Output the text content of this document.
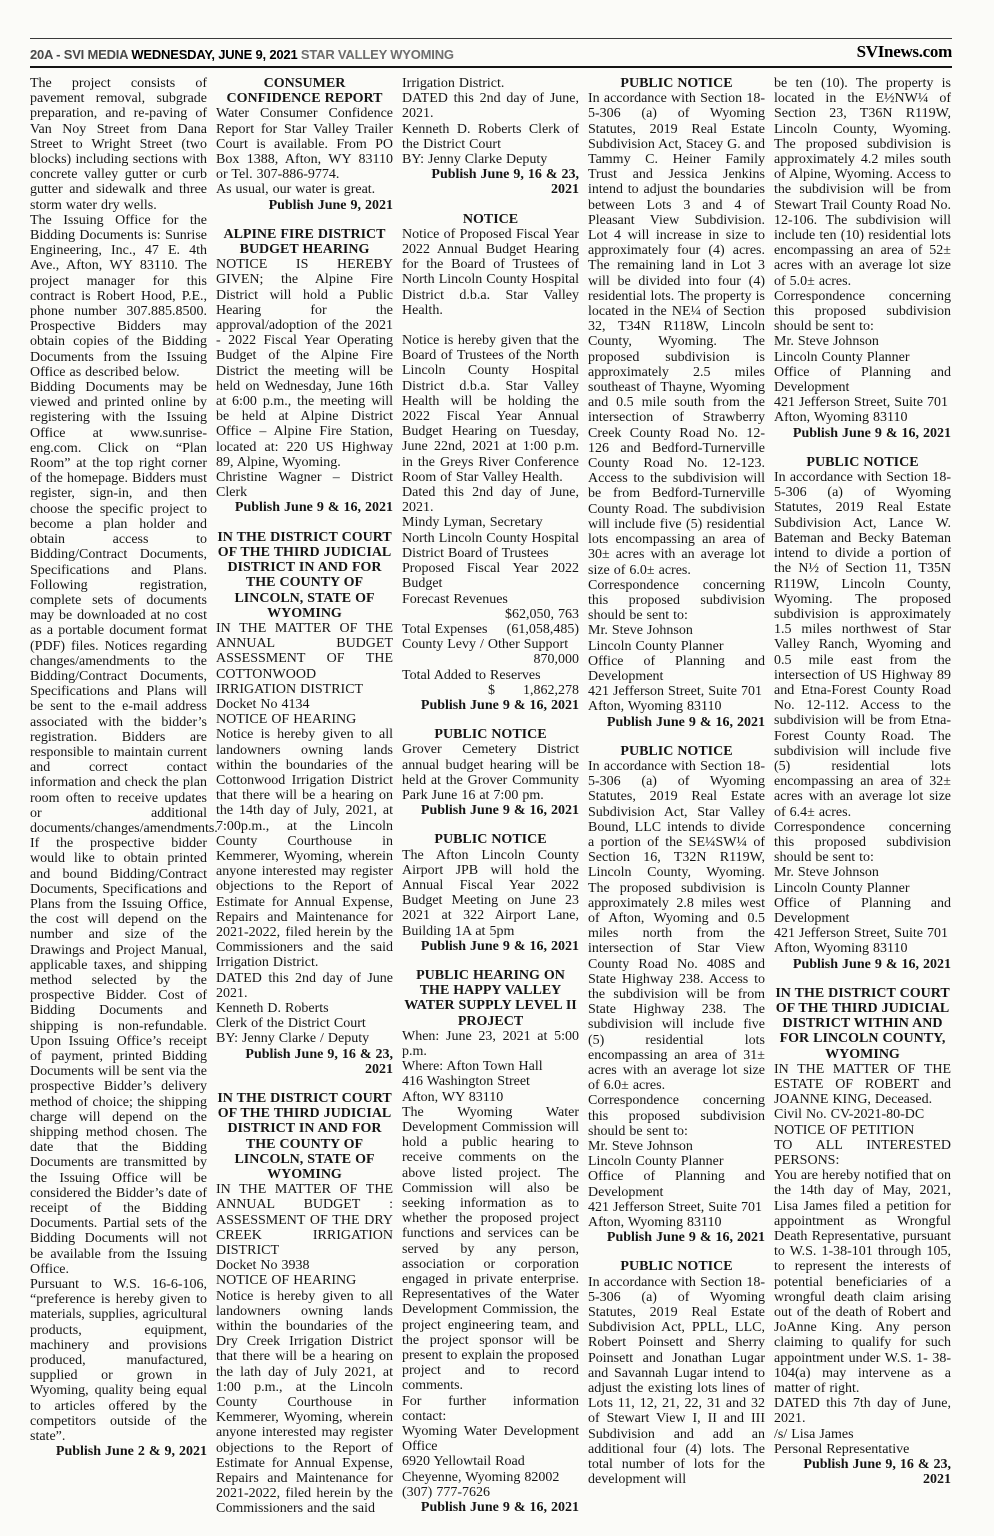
20A - SVI MEDIA WEDNESDAY, JUNE 9, 2021 STAR VALLEY WYOMING	SVInews.com
The project consists of pavement removal, subgrade preparation, and re-paving of Van Noy Street from Dana Street to Wright Street (two blocks) including sections with concrete valley gutter or curb gutter and sidewalk and three storm water dry wells.
The Issuing Office for the Bidding Documents is: Sunrise Engineering, Inc., 47 E. 4th Ave., Afton, WY 83110. The project manager for this contract is Robert Hood, P.E., phone number 307.885.8500. Prospective Bidders may obtain copies of the Bidding Documents from the Issuing Office as described below.
Bidding Documents may be viewed and printed online by registering with the Issuing Office at www.sunrise-eng.com. Click on “Plan Room” at the top right corner of the homepage. Bidders must register, sign-in, and then choose the specific project to become a plan holder and obtain access to Bidding/Contract Documents, Specifications and Plans. Following registration, complete sets of documents may be downloaded at no cost as a portable document format (PDF) files. Notices regarding changes/amendments to the Bidding/Contract Documents, Specifications and Plans will be sent to the e-mail address associated with the bidder’s registration. Bidders are responsible to maintain current and correct contact information and check the plan room often to receive updates or additional documents/changes/amendments. If the prospective bidder would like to obtain printed and bound Bidding/Contract Documents, Specifications and Plans from the Issuing Office, the cost will depend on the number and size of the Drawings and Project Manual, applicable taxes, and shipping method selected by the prospective Bidder. Cost of Bidding Documents and shipping is non-refundable. Upon Issuing Office’s receipt of payment, printed Bidding Documents will be sent via the prospective Bidder’s delivery method of choice; the shipping charge will depend on the shipping method chosen. The date that the Bidding Documents are transmitted by the Issuing Office will be considered the Bidder’s date of receipt of the Bidding Documents. Partial sets of the Bidding Documents will not be available from the Issuing Office.
Pursuant to W.S. 16-6-106, “preference is hereby given to materials, supplies, agricultural products, equipment, machinery and provisions produced, manufactured, supplied or grown in Wyoming, quality being equal to articles offered by the competitors outside of the state”.
Publish June 2 & 9, 2021
CONSUMER CONFIDENCE REPORT
Water Consumer Confidence Report for Star Valley Trailer Court is available. From PO Box 1388, Afton, WY 83110 or Tel. 307-886-9774.
As usual, our water is great.
Publish June 9, 2021
ALPINE FIRE DISTRICT BUDGET HEARING
NOTICE IS HEREBY GIVEN; the Alpine Fire District will hold a Public Hearing for the approval/adoption of the 2021 - 2022 Fiscal Year Operating Budget of the Alpine Fire District the meeting will be held on Wednesday, June 16th at 6:00 p.m., the meeting will be held at Alpine District Office – Alpine Fire Station, located at: 220 US Highway 89, Alpine, Wyoming.
Christine Wagner – District Clerk
Publish June 9 & 16, 2021
IN THE DISTRICT COURT OF THE THIRD JUDICIAL DISTRICT IN AND FOR THE COUNTY OF LINCOLN, STATE OF WYOMING
IN THE MATTER OF THE ANNUAL BUDGET ASSESSMENT OF THE COTTONWOOD IRRIGATION DISTRICT
Docket No 4134
NOTICE OF HEARING
Notice is hereby given to all landowners owning lands within the boundaries of the Cottonwood Irrigation District that there will be a hearing on the 14th day of July, 2021, at 7:00p.m., at the Lincoln County Courthouse in Kemmerer, Wyoming, wherein anyone interested may register objections to the Report of Estimate for Annual Expense, Repairs and Maintenance for 2021-2022, filed herein by the Commissioners and the said Irrigation District.
DATED this 2nd day of June 2021.
Kenneth D. Roberts
Clerk of the District Court
BY: Jenny Clarke / Deputy
Publish June 9, 16 & 23, 2021
IN THE DISTRICT COURT OF THE THIRD JUDICIAL DISTRICT IN AND FOR THE COUNTY OF LINCOLN, STATE OF WYOMING
IN THE MATTER OF THE ANNUAL BUDGET : ASSESSMENT OF THE DRY CREEK IRRIGATION DISTRICT
Docket No 3938
NOTICE OF HEARING
Notice is hereby given to all landowners owning lands within the boundaries of the Dry Creek Irrigation District that there will be a hearing on the lath day of July 2021, at 1:00 p.m., at the Lincoln County Courthouse in Kemmerer, Wyoming, wherein anyone interested may register objections to the Report of Estimate for Annual Expense, Repairs and Maintenance for 2021-2022, filed herein by the Commissioners and the said
Irrigation District.
DATED this 2nd day of June, 2021.
Kenneth D. Roberts Clerk of the District Court
BY: Jenny Clarke Deputy
Publish June 9, 16 & 23, 2021
NOTICE
Notice of Proposed Fiscal Year 2022 Annual Budget Hearing for the Board of Trustees of North Lincoln County Hospital District d.b.a. Star Valley Health.
Notice is hereby given that the Board of Trustees of the North Lincoln County Hospital District d.b.a. Star Valley Health will be holding the 2022 Fiscal Year Annual Budget Hearing on Tuesday, June 22nd, 2021 at 1:00 p.m. in the Greys River Conference Room of Star Valley Health.
Dated this 2nd day of June, 2021.
Mindy Lyman, Secretary
North Lincoln County Hospital District Board of Trustees
Proposed Fiscal Year 2022 Budget
Forecast Revenues
$62,050, 763
Total Expenses (61,058,485)
County Levy / Other Support
870,000
Total Added to Reserves
$       1,862,278
Publish June 9 & 16, 2021
PUBLIC NOTICE
Grover Cemetery District annual budget hearing will be held at the Grover Community Park June 16 at 7:00 pm.
Publish June 9 & 16, 2021
PUBLIC NOTICE
The Afton Lincoln County Airport JPB will hold the Annual Fiscal Year 2022 Budget Meeting on June 23 2021 at 322 Airport Lane, Building 1A at 5pm
Publish June 9 & 16, 2021
PUBLIC HEARING ON THE HAPPY VALLEY WATER SUPPLY LEVEL II PROJECT
When: June 23, 2021 at 5:00 p.m.
Where: Afton Town Hall
416 Washington Street
Afton, WY 83110
The Wyoming Water Development Commission will hold a public hearing to receive comments on the above listed project. The Commission will also be seeking information as to whether the proposed project functions and services can be served by any person, association or corporation engaged in private enterprise. Representatives of the Water Development Commission, the project engineering team, and the project sponsor will be present to explain the proposed project and to record comments.
For further information contact:
Wyoming Water Development Office
6920 Yellowtail Road
Cheyenne, Wyoming 82002
(307) 777-7626
Publish June 9 & 16, 2021
PUBLIC NOTICE
In accordance with Section 18-5-306 (a) of Wyoming Statutes, 2019 Real Estate Subdivision Act, Stacey G. and Tammy C. Heiner Family Trust and Jessica Jenkins intend to adjust the boundaries between Lots 3 and 4 of Pleasant View Subdivision. Lot 4 will increase in size to approximately four (4) acres. The remaining land in Lot 3 will be divided into four (4) residential lots. The property is located in the NE¼ of Section 32, T34N R118W, Lincoln County, Wyoming. The proposed subdivision is approximately 2.5 miles southeast of Thayne, Wyoming and 0.5 mile south from the intersection of Strawberry Creek County Road No. 12-126 and Bedford-Turnerville County Road No. 12-123. Access to the subdivision will be from Bedford-Turnerville County Road. The subdivision will include five (5) residential lots encompassing an area of 30± acres with an average lot size of 6.0± acres.
Correspondence concerning this proposed subdivision should be sent to:
Mr. Steve Johnson
Lincoln County Planner
Office of Planning and Development
421 Jefferson Street, Suite 701
Afton, Wyoming 83110
Publish June 9 & 16, 2021
PUBLIC NOTICE
In accordance with Section 18-5-306 (a) of Wyoming Statutes, 2019 Real Estate Subdivision Act, Star Valley Bound, LLC intends to divide a portion of the SE¼SW¼ of Section 16, T32N R119W, Lincoln County, Wyoming. The proposed subdivision is approximately 2.8 miles west of Afton, Wyoming and 0.5 miles north from the intersection of Star View County Road No. 408S and State Highway 238. Access to the subdivision will be from State Highway 238. The subdivision will include five (5) residential lots encompassing an area of 31± acres with an average lot size of 6.0± acres.
Correspondence concerning this proposed subdivision should be sent to:
Mr. Steve Johnson
Lincoln County Planner
Office of Planning and Development
421 Jefferson Street, Suite 701
Afton, Wyoming 83110
Publish June 9 & 16, 2021
PUBLIC NOTICE
In accordance with Section 18-5-306 (a) of Wyoming Statutes, 2019 Real Estate Subdivision Act, PPLL, LLC, Robert Poinsett and Sherry Poinsett and Jonathan Lugar and Savannah Lugar intend to adjust the existing lots lines of Lots 11, 12, 21, 22, 31 and 32 of Stewart View I, II and III Subdivision and add an additional four (4) lots. The total number of lots for the development will
be ten (10). The property is located in the E½NW¼ of Section 23, T36N R119W, Lincoln County, Wyoming. The proposed subdivision is approximately 4.2 miles south of Alpine, Wyoming. Access to the subdivision will be from Stewart Trail County Road No. 12-106. The subdivision will include ten (10) residential lots encompassing an area of 52± acres with an average lot size of 5.0± acres.
Correspondence concerning this proposed subdivision should be sent to:
Mr. Steve Johnson
Lincoln County Planner
Office of Planning and Development
421 Jefferson Street, Suite 701
Afton, Wyoming 83110
Publish June 9 & 16, 2021
PUBLIC NOTICE
In accordance with Section 18-5-306 (a) of Wyoming Statutes, 2019 Real Estate Subdivision Act, Lance W. Bateman and Becky Bateman intend to divide a portion of the N½ of Section 11, T35N R119W, Lincoln County, Wyoming. The proposed subdivision is approximately 1.5 miles northwest of Star Valley Ranch, Wyoming and 0.5 mile east from the intersection of US Highway 89 and Etna-Forest County Road No. 12-112. Access to the subdivision will be from Etna-Forest County Road. The subdivision will include five (5) residential lots encompassing an area of 32± acres with an average lot size of 6.4± acres.
Correspondence concerning this proposed subdivision should be sent to:
Mr. Steve Johnson
Lincoln County Planner
Office of Planning and Development
421 Jefferson Street, Suite 701
Afton, Wyoming 83110
Publish June 9 & 16, 2021
IN THE DISTRICT COURT OF THE THIRD JUDICIAL DISTRICT WITHIN AND FOR LINCOLN COUNTY, WYOMING
IN THE MATTER OF THE ESTATE OF ROBERT and JOANNE KING, Deceased.
Civil No. CV-2021-80-DC
NOTICE OF PETITION
TO ALL INTERESTED PERSONS:
You are hereby notified that on the 14th day of May, 2021, Lisa James filed a petition for appointment as Wrongful Death Representative, pursuant to W.S. 1-38-101 through 105, to represent the interests of potential beneficiaries of a wrongful death claim arising out of the death of Robert and JoAnne King. Any person claiming to qualify for such appointment under W.S. 1- 38-104(a) may intervene as a matter of right.
DATED this 7th day of June, 2021.
/s/ Lisa James
Personal Representative
Publish June 9, 16 & 23, 2021
